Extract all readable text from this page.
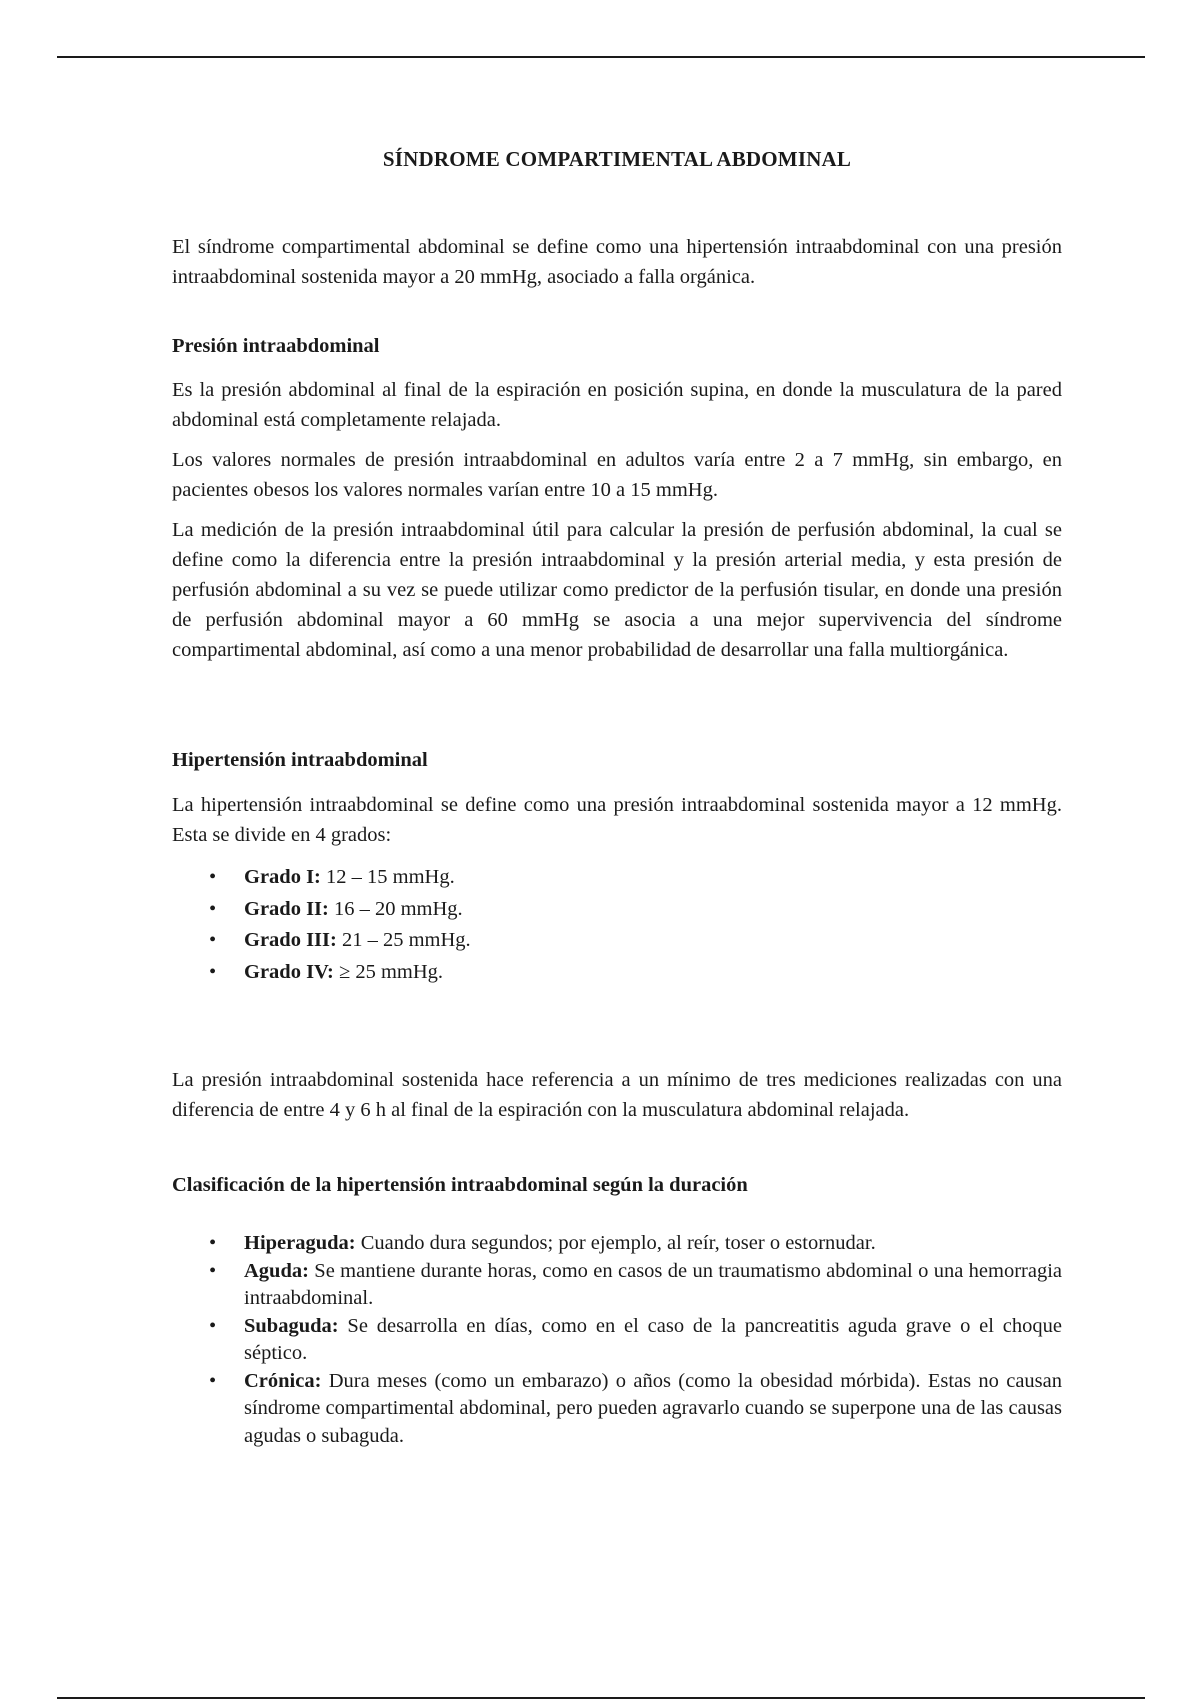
SÍNDROME COMPARTIMENTAL ABDOMINAL

El síndrome compartimental abdominal se define como una hipertensión intraabdominal con una presión intraabdominal sostenida mayor a 20 mmHg, asociado a falla orgánica.

Presión intraabdominal

Es la presión abdominal al final de la espiración en posición supina, en donde la musculatura de la pared abdominal está completamente relajada.

Los valores normales de presión intraabdominal en adultos varía entre 2 a 7 mmHg, sin embargo, en pacientes obesos los valores normales varían entre 10 a 15 mmHg.

La medición de la presión intraabdominal útil para calcular la presión de perfusión abdominal, la cual se define como la diferencia entre la presión intraabdominal y la presión arterial media, y esta presión de perfusión abdominal a su vez se puede utilizar como predictor de la perfusión tisular, en donde una presión de perfusión abdominal mayor a 60 mmHg se asocia a una mejor supervivencia del síndrome compartimental abdominal, así como a una menor probabilidad de desarrollar una falla multiorgánica.

Hipertensión intraabdominal

La hipertensión intraabdominal se define como una presión intraabdominal sostenida mayor a 12 mmHg. Esta se divide en 4 grados:

• Grado I: 12 – 15 mmHg.
• Grado II: 16 – 20 mmHg.
• Grado III: 21 – 25 mmHg.
• Grado IV: ≥ 25 mmHg.

La presión intraabdominal sostenida hace referencia a un mínimo de tres mediciones realizadas con una diferencia de entre 4 y 6 h al final de la espiración con la musculatura abdominal relajada.

Clasificación de la hipertensión intraabdominal según la duración
• Hiperaguda: Cuando dura segundos; por ejemplo, al reír, toser o estornudar.
• Aguda: Se mantiene durante horas, como en casos de un traumatismo abdominal o una hemorragia intraabdominal.
• Subaguda: Se desarrolla en días, como en el caso de la pancreatitis aguda grave o el choque séptico.
• Crónica: Dura meses (como un embarazo) o años (como la obesidad mórbida). Estas no causan síndrome compartimental abdominal, pero pueden agravarlo cuando se superpone una de las causas agudas o subaguda.
